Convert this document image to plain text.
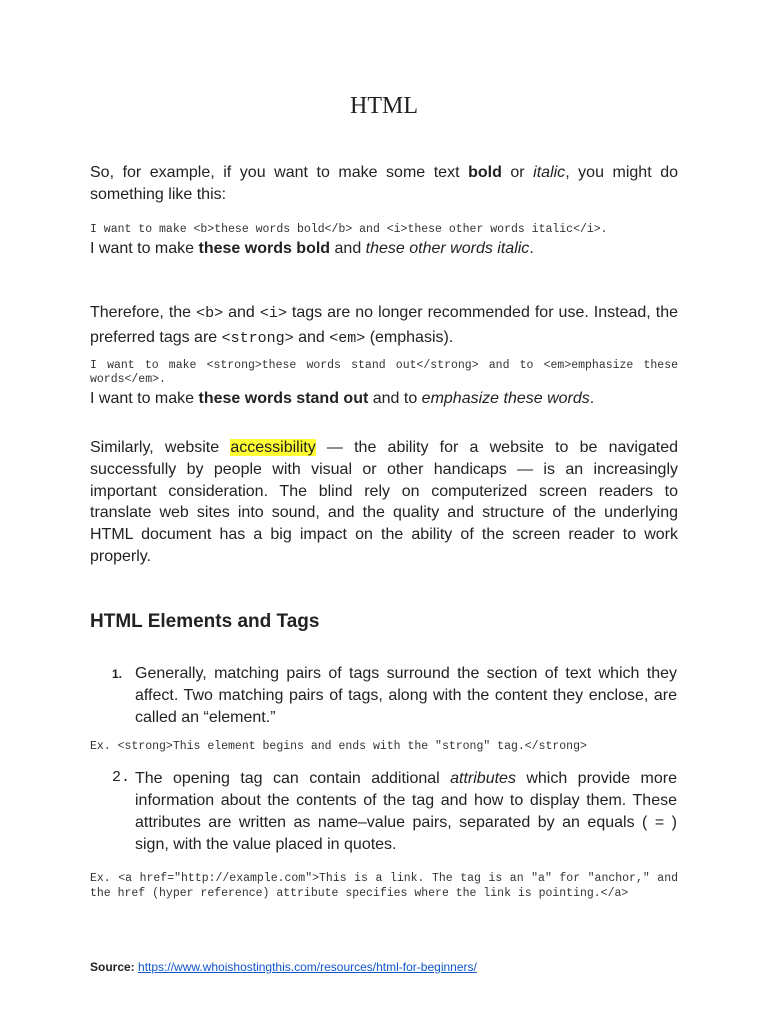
HTML

So, for example, if you want to make some text bold or italic, you might do something like this:

I want to make <b>these words bold</b> and <i>these other words italic</i>.

I want to make these words bold and these other words italic.

Therefore, the <b> and <i> tags are no longer recommended for use. Instead, the preferred tags are <strong> and <em> (emphasis).

I want to make <strong>these words stand out</strong> and to <em>emphasize these words</em>.

I want to make these words stand out and to emphasize these words.

Similarly, website accessibility — the ability for a website to be navigated successfully by people with visual or other handicaps — is an increasingly important consideration. The blind rely on computerized screen readers to translate web sites into sound, and the quality and structure of the underlying HTML document has a big impact on the ability of the screen reader to work properly.

HTML Elements and Tags
1. Generally, matching pairs of tags surround the section of text which they affect. Two matching pairs of tags, along with the content they enclose, are called an “element.”

Ex. <strong>This element begins and ends with the "strong" tag.</strong>

2. The opening tag can contain additional attributes which provide more information about the contents of the tag and how to display them. These attributes are written as name–value pairs, separated by an equals ( = ) sign, with the value placed in quotes.

Ex. <a href="http://example.com">This is a link. The tag is an "a" for "anchor," and the href (hyper reference) attribute specifies where the link is pointing.</a>

Source: https://www.whoishostingthis.com/resources/html-for-beginners/
